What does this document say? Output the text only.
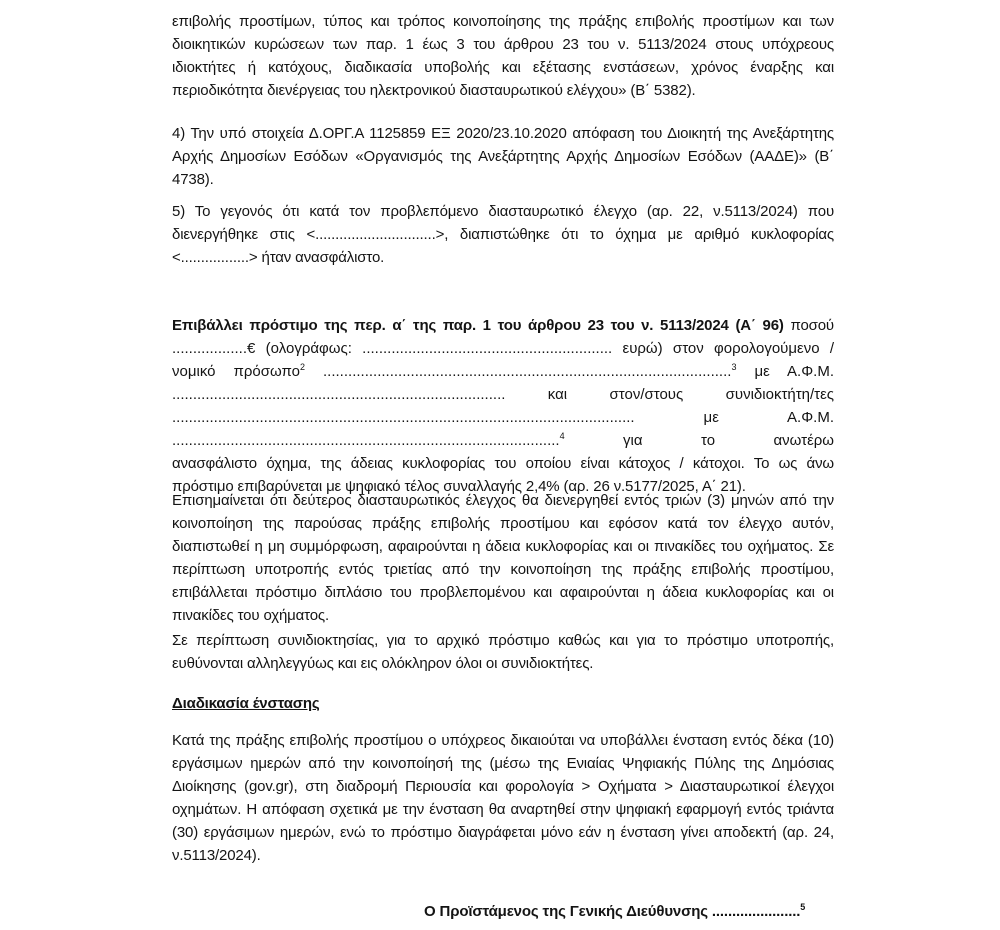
επιβολής προστίμων, τύπος και τρόπος κοινοποίησης της πράξης επιβολής προστίμων και των διοικητικών κυρώσεων των παρ. 1 έως 3 του άρθρου 23 του ν. 5113/2024 στους υπόχρεους ιδιοκτήτες ή κατόχους, διαδικασία υποβολής και εξέτασης ενστάσεων, χρόνος έναρξης και περιοδικότητα διενέργειας του ηλεκτρονικού διασταυρωτικού ελέγχου» (Β΄ 5382).

4) Την υπό στοιχεία Δ.ΟΡΓ.Α 1125859 ΕΞ 2020/23.10.2020 απόφαση του Διοικητή της Ανεξάρτητης Αρχής Δημοσίων Εσόδων «Οργανισμός της Ανεξάρτητης Αρχής Δημοσίων Εσόδων (ΑΑΔΕ)» (Β΄ 4738).

5) Το γεγονός ότι κατά τον προβλεπόμενο διασταυρωτικό έλεγχο (αρ. 22, ν.5113/2024) που διενεργήθηκε στις <..............................>, διαπιστώθηκε ότι το όχημα με αριθμό κυκλοφορίας <.................> ήταν ανασφάλιστο.

Επιβάλλει πρόστιμο της περ. α΄ της παρ. 1 του άρθρου 23 του ν. 5113/2024 (Α΄ 96) ποσού
..................€ (ολογράφως: ............................................................ ευρώ) στον φορολογούμενο /
νομικό πρόσωπο$^2$ ..................................................................................................$^3$ με Α.Φ.Μ.
................................................................................ και στον/στους συνιδιοκτήτη/τες
............................................................................................................... με Α.Φ.Μ.
.............................................................................................$^4$ για το ανωτέρω
ανασφάλιστο όχημα, της άδειας κυκλοφορίας του οποίου είναι κάτοχος / κάτοχοι. Το ως άνω
πρόστιμο επιβαρύνεται με ψηφιακό τέλος συναλλαγής 2,4% (αρ. 26 ν.5177/2025, Α΄ 21).

Επισημαίνεται ότι δεύτερος διασταυρωτικός έλεγχος θα διενεργηθεί εντός τριών (3) μηνών από την κοινοποίηση της παρούσας πράξης επιβολής προστίμου και εφόσον κατά τον έλεγχο αυτόν, διαπιστωθεί η μη συμμόρφωση, αφαιρούνται η άδεια κυκλοφορίας και οι πινακίδες του οχήματος. Σε περίπτωση υποτροπής εντός τριετίας από την κοινοποίηση της πράξης επιβολής προστίμου, επιβάλλεται πρόστιμο διπλάσιο του προβλεπομένου και αφαιρούνται η άδεια κυκλοφορίας και οι πινακίδες του οχήματος.

Σε περίπτωση συνιδιοκτησίας, για το αρχικό πρόστιμο καθώς και για το πρόστιμο υποτροπής, ευθύνονται αλληλεγγύως και εις ολόκληρον όλοι οι συνιδιοκτήτες.

Διαδικασία ένστασης

Κατά της πράξης επιβολής προστίμου ο υπόχρεος δικαιούται να υποβάλλει ένσταση εντός δέκα (10) εργάσιμων ημερών από την κοινοποίησή της (μέσω της Ενιαίας Ψηφιακής Πύλης της Δημόσιας Διοίκησης (gov.gr), στη διαδρομή Περιουσία και φορολογία > Οχήματα > Διασταυρωτικοί έλεγχοι οχημάτων. Η απόφαση σχετικά με την ένσταση θα αναρτηθεί στην ψηφιακή εφαρμογή εντός τριάντα (30) εργάσιμων ημερών, ενώ το πρόστιμο διαγράφεται μόνο εάν η ένσταση γίνει αποδεκτή (αρ. 24, ν.5113/2024).

Ο Προϊστάμενος της Γενικής Διεύθυνσης ......................$^5$
